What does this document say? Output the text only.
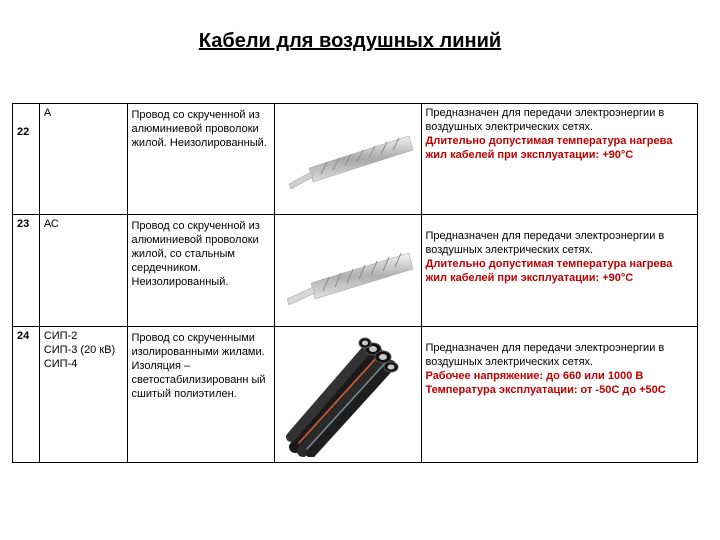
Кабели для воздушных линий
22	А	Провод со скрученной из алюминиевой проволоки жилой. Неизолированный.		Предназначен для передачи электроэнергии в воздушных электрических сетях.
Длительно допустимая температура нагрева жил кабелей при эксплуатации: +90°С

23	АС	Провод со скрученной из алюминиевой проволоки жилой, со стальным сердечником. Неизолированный.		Предназначен для передачи электроэнергии в воздушных электрических сетях.
Длительно допустимая температура нагрева жил кабелей при эксплуатации: +90°С

24	СИП-2
СИП-3 (20 кВ)
СИП-4	Провод со скрученными изолированными жилами. Изоляция – светостабилизированн ый сшитый полиэтилен.		Предназначен для передачи электроэнергии в воздушных электрических сетях.
Рабочее напряжение: до 660 или 1000 В Температура эксплуатации: от -50С до +50С
